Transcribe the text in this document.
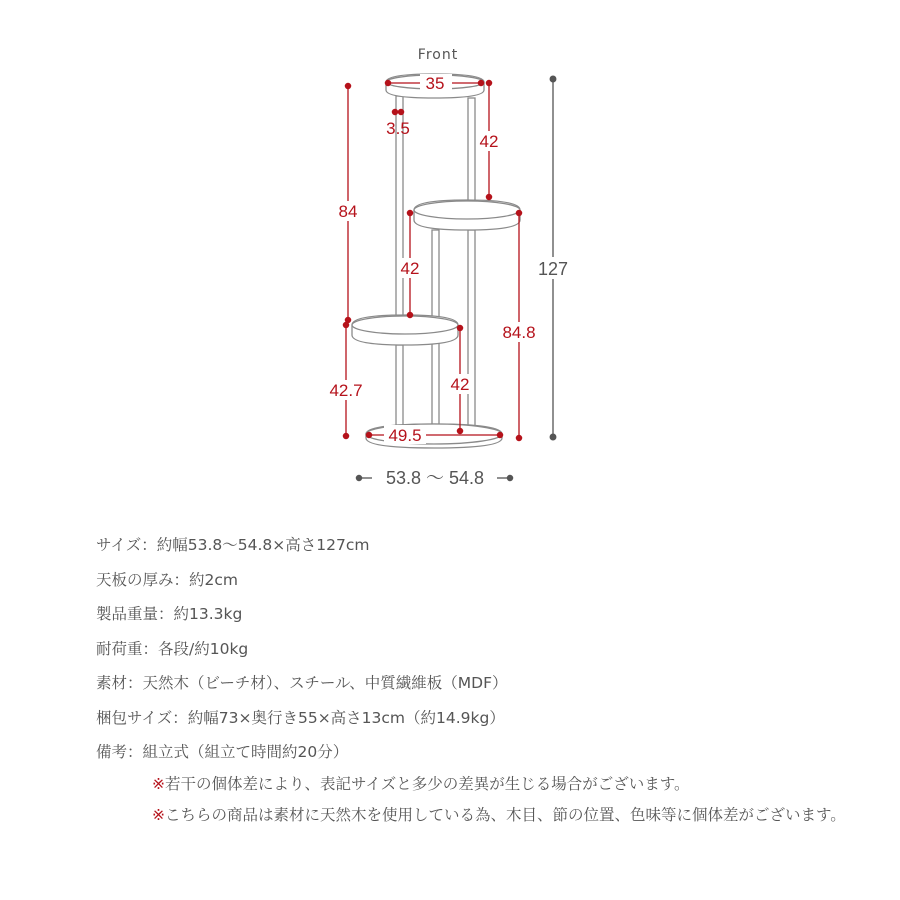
Front
35
3.5
42
84
42	127
84.8
42
42.7
49.5
53.8 〜 54.8
サイズ：約幅53.8〜54.8×高さ127cm
天板の厚み：約2cm
製品重量：約13.3kg
耐荷重：各段/約10kg
素材：天然木（ビーチ材）、スチール、中質繊維板（MDF）
梱包サイズ：約幅73×奥行き55×高さ13cm（約14.9kg）
備考：組立式（組立て時間約20分）
※若干の個体差により、表記サイズと多少の差異が生じる場合がございます。
※こちらの商品は素材に天然木を使用している為、木目、節の位置、色味等に個体差がございます。
